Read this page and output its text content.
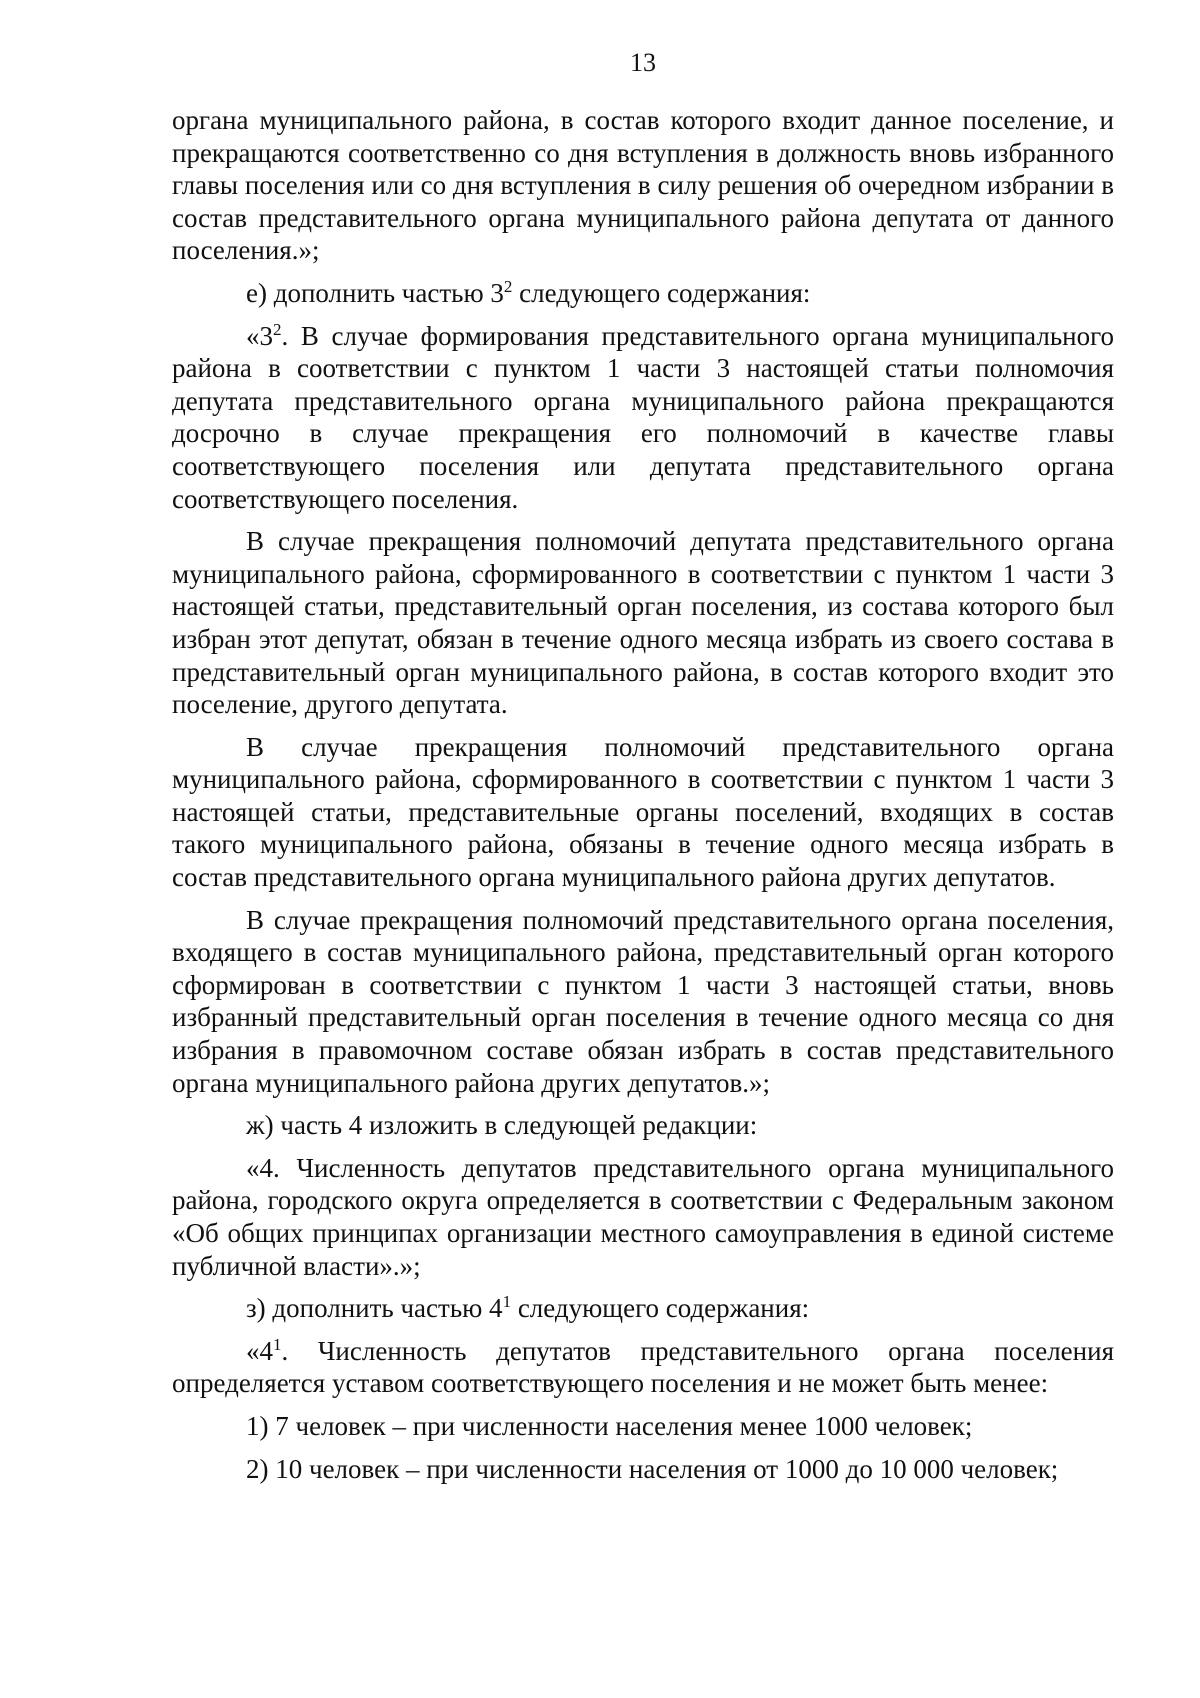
13

органа муниципального района, в состав которого входит данное поселение, и прекращаются соответственно со дня вступления в должность вновь избранного главы поселения или со дня вступления в силу решения об очередном избрании в состав представительного органа муниципального района депутата от данного поселения.»;

е) дополнить частью $3^2$ следующего содержания:

«$3^2$. В случае формирования представительного органа муниципального района в соответствии с пунктом 1 части 3 настоящей статьи полномочия депутата представительного органа муниципального района прекращаются досрочно в случае прекращения его полномочий в качестве главы соответствующего поселения или депутата представительного органа соответствующего поселения.

В случае прекращения полномочий депутата представительного органа муниципального района, сформированного в соответствии с пунктом 1 части 3 настоящей статьи, представительный орган поселения, из состава которого был избран этот депутат, обязан в течение одного месяца избрать из своего состава в представительный орган муниципального района, в состав которого входит это поселение, другого депутата.

В случае прекращения полномочий представительного органа муниципального района, сформированного в соответствии с пунктом 1 части 3 настоящей статьи, представительные органы поселений, входящих в состав такого муниципального района, обязаны в течение одного месяца избрать в состав представительного органа муниципального района других депутатов.

В случае прекращения полномочий представительного органа поселения, входящего в состав муниципального района, представительный орган которого сформирован в соответствии с пунктом 1 части 3 настоящей статьи, вновь избранный представительный орган поселения в течение одного месяца со дня избрания в правомочном составе обязан избрать в состав представительного органа муниципального района других депутатов.»;

ж) часть 4 изложить в следующей редакции:

«4. Численность депутатов представительного органа муниципального района, городского округа определяется в соответствии с Федеральным законом «Об общих принципах организации местного самоуправления в единой системе публичной власти».»;

з) дополнить частью $4^1$ следующего содержания:

«$4^1$. Численность депутатов представительного органа поселения определяется уставом соответствующего поселения и не может быть менее:

1) 7 человек – при численности населения менее 1000 человек;

2) 10 человек – при численности населения от 1000 до 10 000 человек;
